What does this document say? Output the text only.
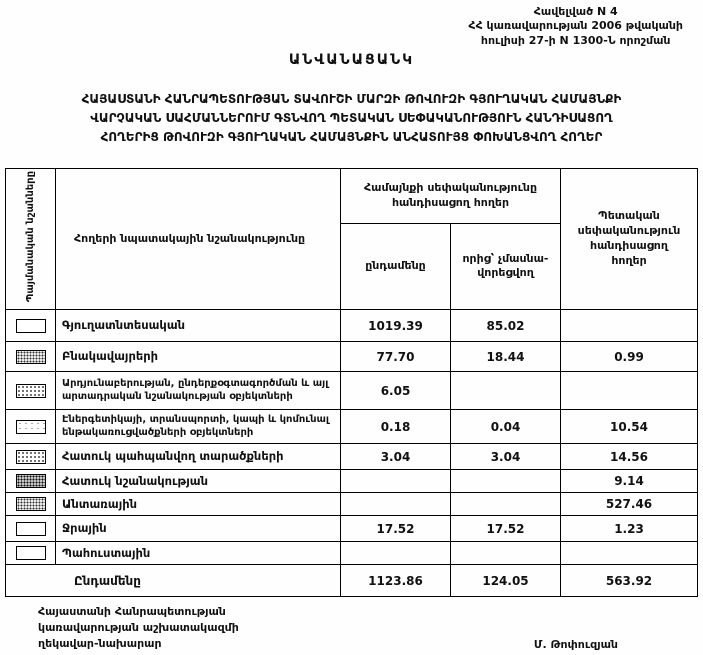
Հավելված N 4
ՀՀ կառավարության 2006 թվականի
հուլիսի 27-ի N 1300-Ն որոշման
ԱՆՎԱՆԱՑԱՆԿ
ՀԱՅԱՍՏԱՆԻ ՀԱՆՐԱՊԵՏՈՒԹՅԱՆ ՏԱՎՈՒՇԻ ՄԱՐԶԻ ԹՈՎՈՒԶԻ ԳՅՈՒՂԱԿԱՆ ՀԱՄԱՅՆՔԻ
ՎԱՐՉԱԿԱՆ ՍԱՀՄԱՆՆԵՐՈՒՄ ԳՏՆՎՈՂ ՊԵՏԱԿԱՆ ՍԵՓԱԿԱՆՈՒԹՅՈՒՆ ՀԱՆԴԻՍԱՑՈՂ
ՀՈՂԵՐԻՑ ԹՈՎՈՒԶԻ ԳՅՈՒՂԱԿԱՆ ՀԱՄԱՅՆՔԻՆ ԱՆՀԱՏՈՒՅՑ ՓՈԽԱՆՑՎՈՂ ՀՈՂԵՐ
Պայմանական նշանները	Հողերի նպատակային նշանակությունը	Համայնքի սեփականությունը հանդիսացող հողեր		Պետական սեփականություն հանդիսացող հողեր
		ընդամենը	որից՝ չմասնա-վորեցվող	

	Գյուղատնտեսական	1019.39	85.02	

	Բնակավայրերի	77.70	18.44	0.99

	Արդյունաբերության, ընդերքօգտագործման և այլ արտադրական նշանակության օբյեկտների	6.05		

	Էներգետիկայի, տրանսպորտի, կապի և կոմունալ ենթակառուցվածքների օբյեկտների	0.18	0.04	10.54

	Հատուկ պահպանվող տարածքների	3.04	3.04	14.56

	Հատուկ նշանակության			9.14

	Անտառային			527.46

	Ջրային	17.52	17.52	1.23

	Պահուստային			
Ընդամենը		1123.86	124.05	563.92
Հայաստանի Հանրապետության
կառավարության աշխատակազմի
ղեկավար-նախարար	Մ. Թոփուզյան
